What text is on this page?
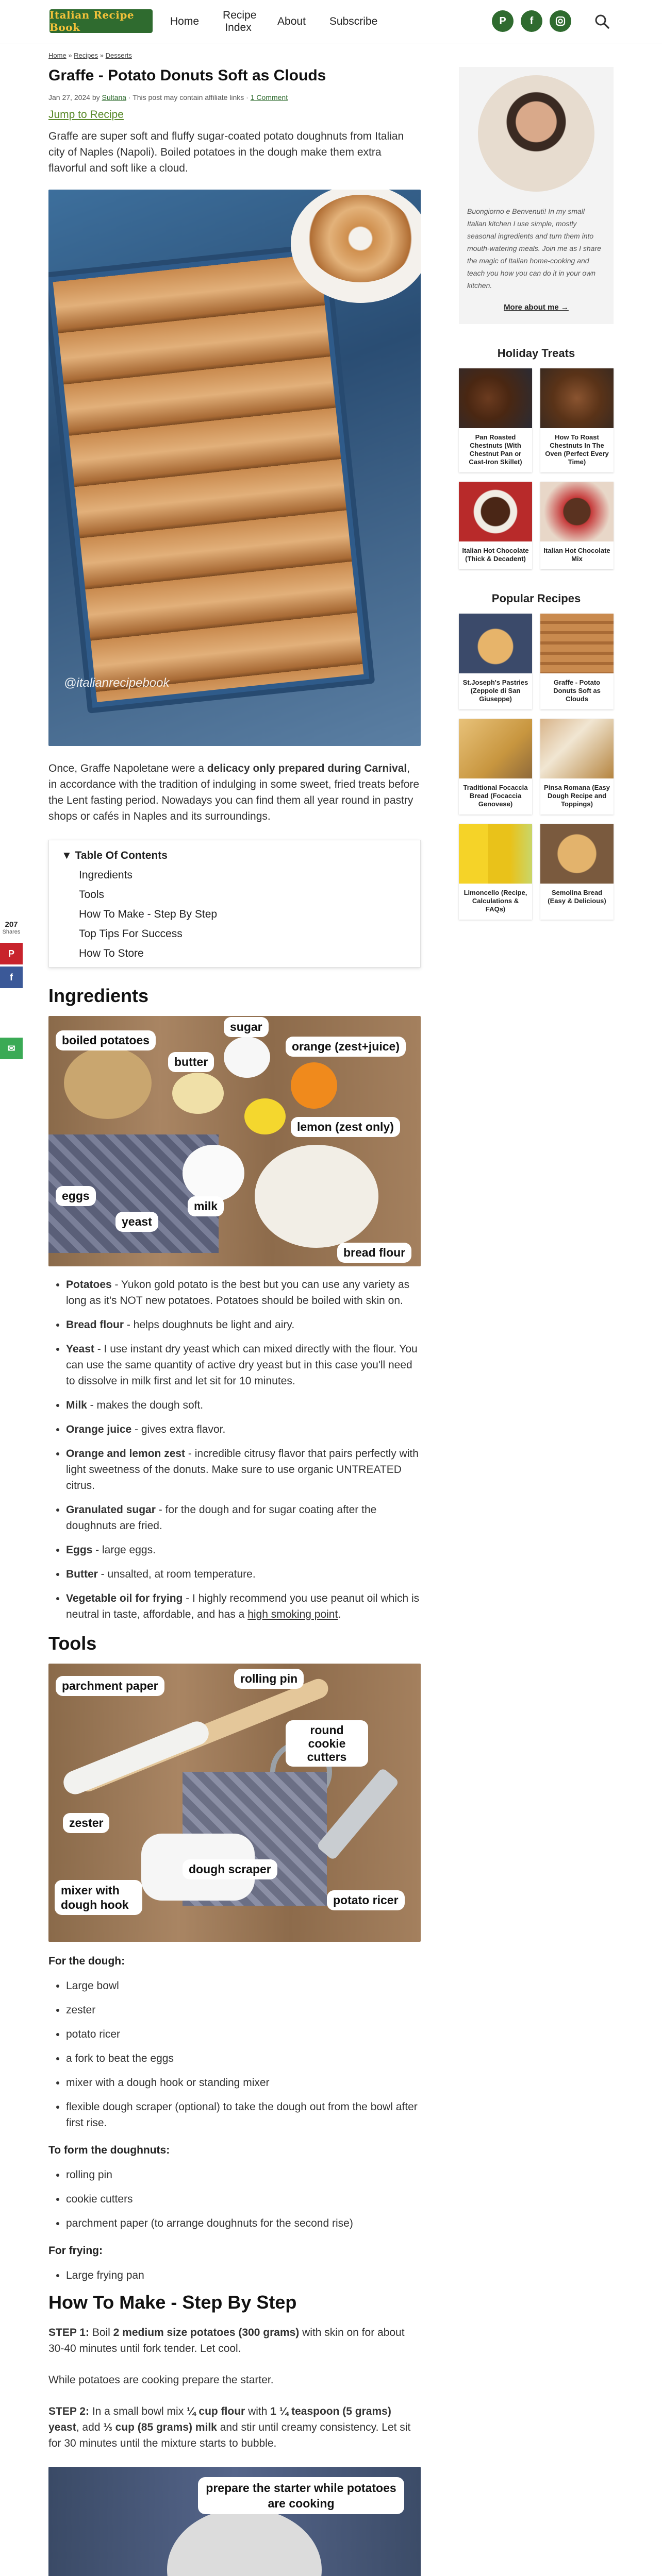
Italian Recipe Book	Home
Recipe Index
About Subscribe	P	f
207
Shares
P
f
✉
Home » Recipes » Desserts
Graffe - Potato Donuts Soft as Clouds
Jan 27, 2024 by Sultana · This post may contain affiliate links · 1 Comment
Jump to Recipe

Graffe are super soft and fluffy sugar-coated potato doughnuts from Italian city of Naples (Napoli). Boiled potatoes in the dough make them extra flavorful and soft like a cloud.

@italianrecipebook

Once, Graffe Napoletane were a delicacy only prepared during Carnival, in accordance with the tradition of indulging in some sweet, fried treats before the Lent fasting period. Nowadays you can find them all year round in pastry shops or cafés in Naples and its surroundings.

▼ Table Of Contents
Ingredients
Tools
How To Make - Step By Step
Top Tips For Success
How To Store
Ingredients
boiled potatoes
butter
sugar
orange (zest+juice)
lemon (zest only)
eggs
milk
yeast
bread flour
• Potatoes - Yukon gold potato is the best but you can use any variety as long as it's NOT new potatoes. Potatoes should be boiled with skin on.
• Bread flour - helps doughnuts be light and airy.
• Yeast - I use instant dry yeast which can mixed directly with the flour. You can use the same quantity of active dry yeast but in this case you'll need to dissolve in milk first and let sit for 10 minutes.
• Milk - makes the dough soft.
• Orange juice - gives extra flavor.
• Orange and lemon zest - incredible citrusy flavor that pairs perfectly with light sweetness of the donuts. Make sure to use organic UNTREATED citrus.
• Granulated sugar - for the dough and for sugar coating after the doughnuts are fried.
• Eggs - large eggs.
• Butter - unsalted, at room temperature.
• Vegetable oil for frying - I highly recommend you use peanut oil which is neutral in taste, affordable, and has a high smoking point.
Tools
parchment paper
rolling pin
round cookie cutters
zester
dough scraper
mixer with dough hook	potato ricer
For the dough:
• Large bowl
• zester
• potato ricer
• a fork to beat the eggs
• mixer with a dough hook or standing mixer
• flexible dough scraper (optional) to take the dough out from the bowl after first rise.
To form the doughnuts:
• rolling pin
• cookie cutters
• parchment paper (to arrange doughnuts for the second rise)
For frying:
• Large frying pan
How To Make - Step By Step

STEP 1: Boil 2 medium size potatoes (300 grams) with skin on for about 30-40 minutes until fork tender. Let cool.

While potatoes are cooking prepare the starter.

STEP 2: In a small bowl mix ¼ cup flour with 1 ¼ teaspoon (5 grams) yeast, add ⅓ cup (85 grams) milk and stir until creamy consistency. Let sit for 30 minutes until the mixture starts to bubble.

prepare the starter while potatoes are cooking

Buongiorno e Benvenuti! In my small Italian kitchen I use simple, mostly seasonal ingredients and turn them into mouth-watering meals. Join me as I share the magic of Italian home-cooking and teach you how you can do it in your own kitchen.

More about me →
Holiday Treats
Pan Roasted Chestnuts (With Chestnut Pan or Cast-Iron Skillet)
How To Roast Chestnuts In The Oven (Perfect Every Time)
Italian Hot Chocolate (Thick & Decadent)
Italian Hot Chocolate Mix
Popular Recipes
St.Joseph's Pastries (Zeppole di San Giuseppe)
Graffe - Potato Donuts Soft as Clouds
Traditional Focaccia Bread (Focaccia Genovese)
Pinsa Romana (Easy Dough Recipe and Toppings)
Limoncello (Recipe, Calculations & FAQs)
Semolina Bread (Easy & Delicious)
